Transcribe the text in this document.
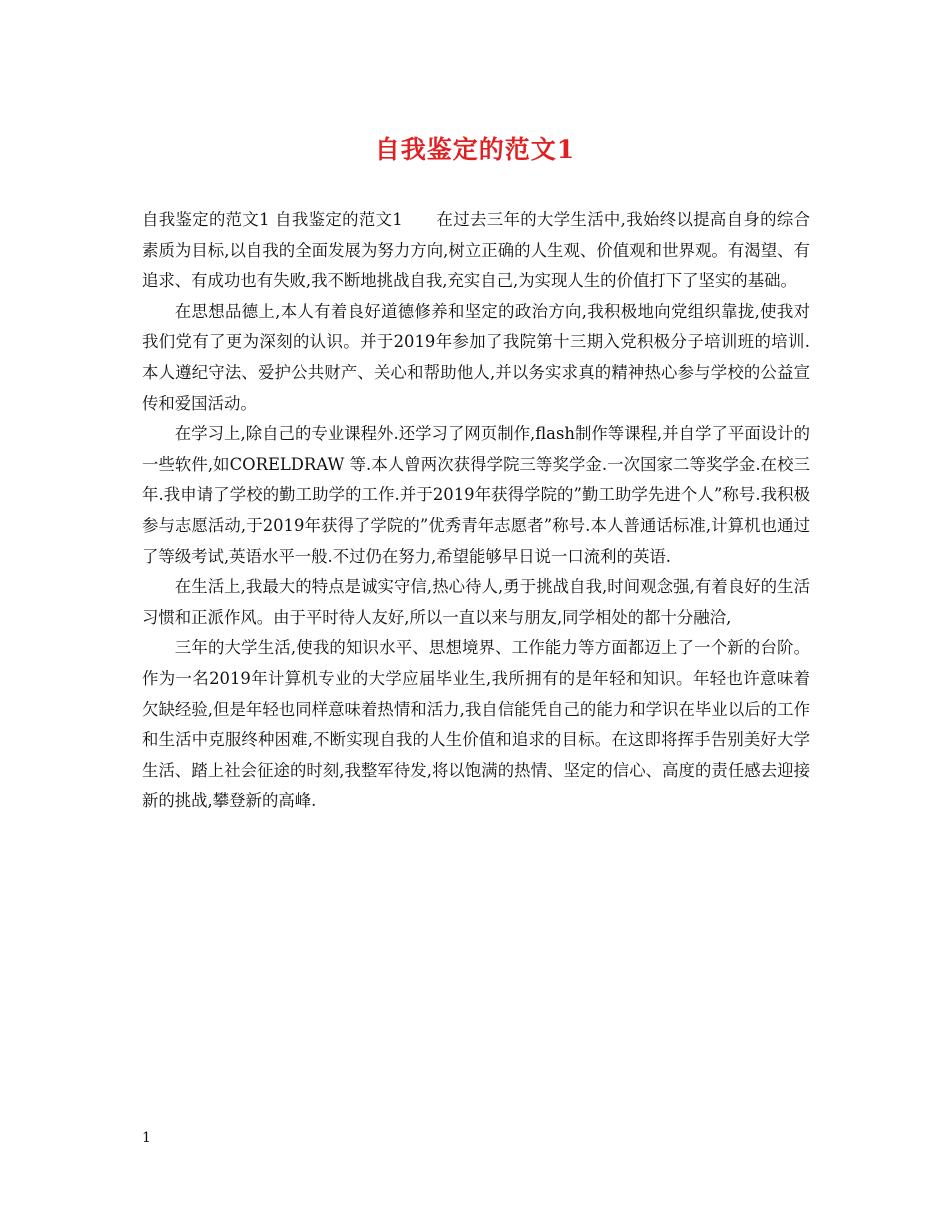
自我鉴定的范文1

自我鉴定的范文1 自我鉴定的范文1　　在过去三年的大学生活中,我始终以提高自身的综合素质为目标,以自我的全面发展为努力方向,树立正确的人生观、价值观和世界观。有渴望、有追求、有成功也有失败,我不断地挑战自我,充实自己,为实现人生的价值打下了坚实的基础。

在思想品德上,本人有着良好道德修养和坚定的政治方向,我积极地向党组织靠拢,使我对我们党有了更为深刻的认识。并于2019年参加了我院第十三期入党积极分子培训班的培训.本人遵纪守法、爱护公共财产、关心和帮助他人,并以务实求真的精神热心参与学校的公益宣传和爱国活动。

在学习上,除自己的专业课程外.还学习了网页制作,flash制作等课程,并自学了平面设计的一些软件,如CORELDRAW 等.本人曾两次获得学院三等奖学金.一次国家二等奖学金.在校三年.我申请了学校的勤工助学的工作.并于2019年获得学院的”勤工助学先进个人”称号.我积极参与志愿活动,于2019年获得了学院的”优秀青年志愿者”称号.本人普通话标准,计算机也通过了等级考试,英语水平一般.不过仍在努力,希望能够早日说一口流利的英语.

在生活上,我最大的特点是诚实守信,热心待人,勇于挑战自我,时间观念强,有着良好的生活习惯和正派作风。由于平时待人友好,所以一直以来与朋友,同学相处的都十分融洽,

三年的大学生活,使我的知识水平、思想境界、工作能力等方面都迈上了一个新的台阶。作为一名2019年计算机专业的大学应届毕业生,我所拥有的是年轻和知识。年轻也许意味着欠缺经验,但是年轻也同样意味着热情和活力,我自信能凭自己的能力和学识在毕业以后的工作和生活中克服终种困难,不断实现自我的人生价值和追求的目标。在这即将挥手告别美好大学生活、踏上社会征途的时刻,我整军待发,将以饱满的热情、坚定的信心、高度的责任感去迎接新的挑战,攀登新的高峰.

1
